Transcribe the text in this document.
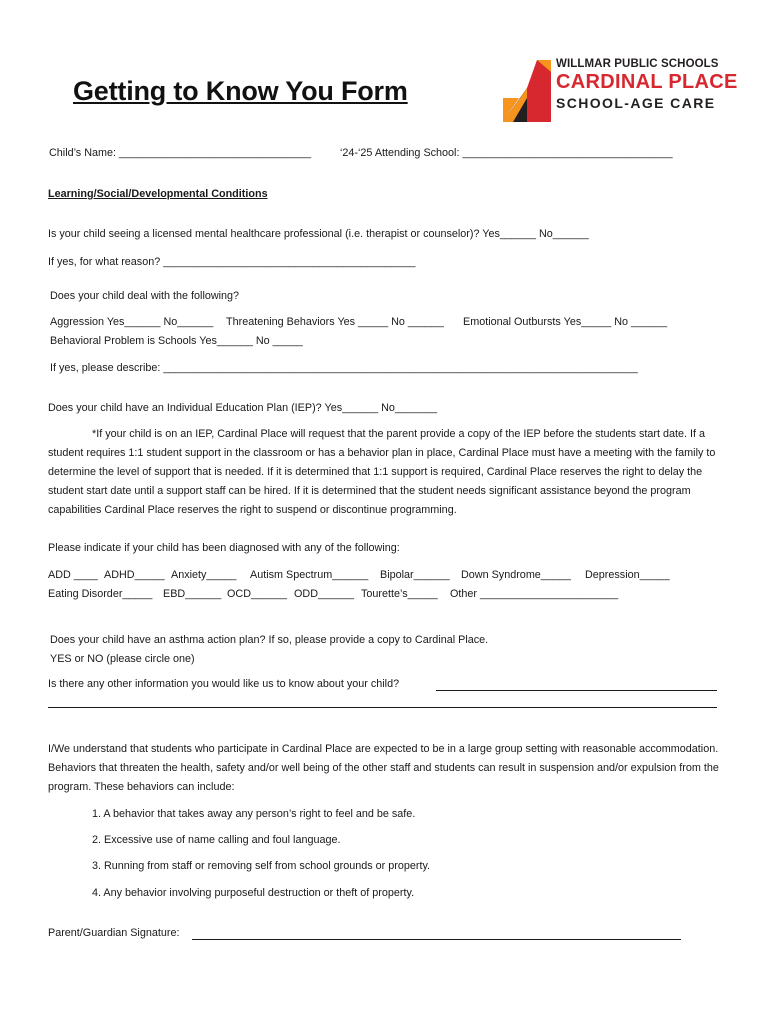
Getting to Know You Form
WILLMAR PUBLIC SCHOOLS
CARDINAL PLACE
SCHOOL-AGE CARE
Child’s Name: ________________________________	‘24-‘25 Attending School: ___________________________________
Learning/Social/Developmental Conditions
Is your child seeing a licensed mental healthcare professional (i.e. therapist or counselor)? Yes______ No______
If yes, for what reason? __________________________________________
Does your child deal with the following?
Aggression Yes______ No______ Threatening Behaviors Yes _____ No ______ Emotional Outbursts Yes_____ No ______
Behavioral Problem is Schools Yes______ No _____
If yes, please describe: _______________________________________________________________________________
Does your child have an Individual Education Plan (IEP)? Yes______ No_______
*If your child is on an IEP, Cardinal Place will request that the parent provide a copy of the IEP before the students start date. If a student requires 1:1 student support in the classroom or has a behavior plan in place, Cardinal Place must have a meeting with the family to determine the level of support that is needed. If it is determined that 1:1 support is required, Cardinal Place reserves the right to delay the student start date until a support staff can be hired. If it is determined that the student needs significant assistance beyond the program capabilities Cardinal Place reserves the right to suspend or discontinue programming.
Please indicate if your child has been diagnosed with any of the following:
ADD ____ ADHD_____ Anxiety_____ Autism Spectrum______ Bipolar______ Down Syndrome_____ Depression_____
Eating Disorder_____ EBD______ OCD______ ODD______ Tourette’s_____ Other _______________________
Does your child have an asthma action plan? If so, please provide a copy to Cardinal Place.
YES or NO (please circle one)
Is there any other information you would like us to know about your child?
I/We understand that students who participate in Cardinal Place are expected to be in a large group setting with reasonable accommodation. Behaviors that threaten the health, safety and/or well being of the other staff and students can result in suspension and/or expulsion from the program. These behaviors can include:
1. A behavior that takes away any person’s right to feel and be safe.
2. Excessive use of name calling and foul language.
3. Running from staff or removing self from school grounds or property.
4. Any behavior involving purposeful destruction or theft of property.
Parent/Guardian Signature:
